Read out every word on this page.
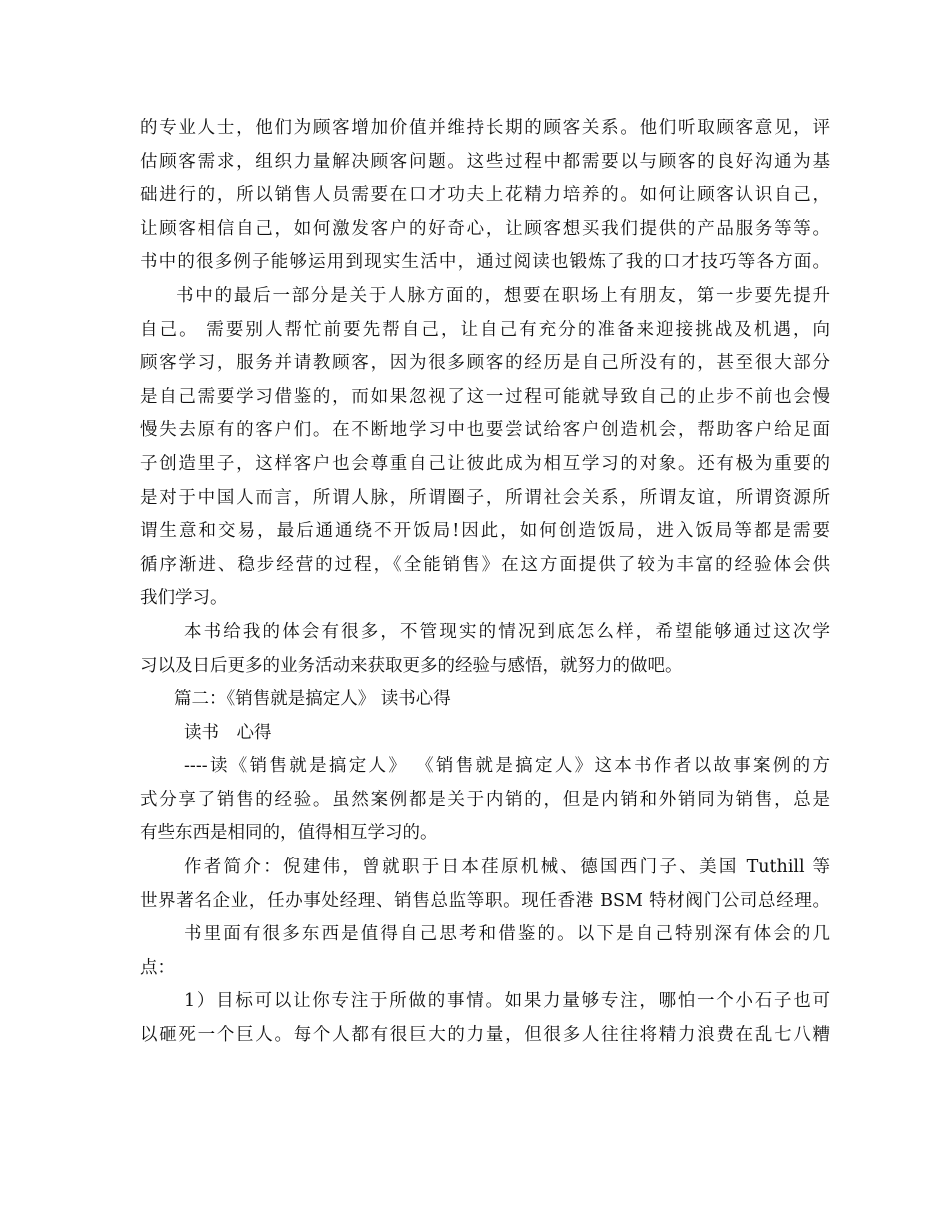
的专业人士，他们为顾客增加价值并维持长期的顾客关系。他们听取顾客意见，评
估顾客需求，组织力量解决顾客问题。这些过程中都需要以与顾客的良好沟通为基
础进行的，所以销售人员需要在口才功夫上花精力培养的。如何让顾客认识自己，
让顾客相信自己，如何激发客户的好奇心，让顾客想买我们提供的产品服务等等。
书中的很多例子能够运用到现实生活中，通过阅读也锻炼了我的口才技巧等各方面。
书中的最后一部分是关于人脉方面的，想要在职场上有朋友，第一步要先提升
自己。 需要别人帮忙前要先帮自己，让自己有充分的准备来迎接挑战及机遇，向
顾客学习，服务并请教顾客，因为很多顾客的经历是自己所没有的，甚至很大部分
是自己需要学习借鉴的，而如果忽视了这一过程可能就导致自己的止步不前也会慢
慢失去原有的客户们。在不断地学习中也要尝试给客户创造机会，帮助客户给足面
子创造里子，这样客户也会尊重自己让彼此成为相互学习的对象。还有极为重要的
是对于中国人而言，所谓人脉，所谓圈子，所谓社会关系，所谓友谊，所谓资源所
谓生意和交易，最后通通绕不开饭局!因此，如何创造饭局，进入饭局等都是需要
循序渐进、稳步经营的过程，《全能销售》在这方面提供了较为丰富的经验体会供
我们学习。
本书给我的体会有很多，不管现实的情况到底怎么样，希望能够通过这次学
习以及日后更多的业务活动来获取更多的经验与感悟，就努力的做吧。
篇二：《销售就是搞定人》 读书心得
读书　心得
----读《销售就是搞定人》 《销售就是搞定人》这本书作者以故事案例的方
式分享了销售的经验。虽然案例都是关于内销的，但是内销和外销同为销售，总是
有些东西是相同的，值得相互学习的。
作者简介：倪建伟，曾就职于日本荏原机械、德国西门子、美国 Tuthill 等
世界著名企业，任办事处经理、销售总监等职。现任香港 BSM 特材阀门公司总经理。
书里面有很多东西是值得自己思考和借鉴的。以下是自己特别深有体会的几
点：
1）目标可以让你专注于所做的事情。如果力量够专注，哪怕一个小石子也可
以砸死一个巨人。每个人都有很巨大的力量，但很多人往往将精力浪费在乱七八糟
